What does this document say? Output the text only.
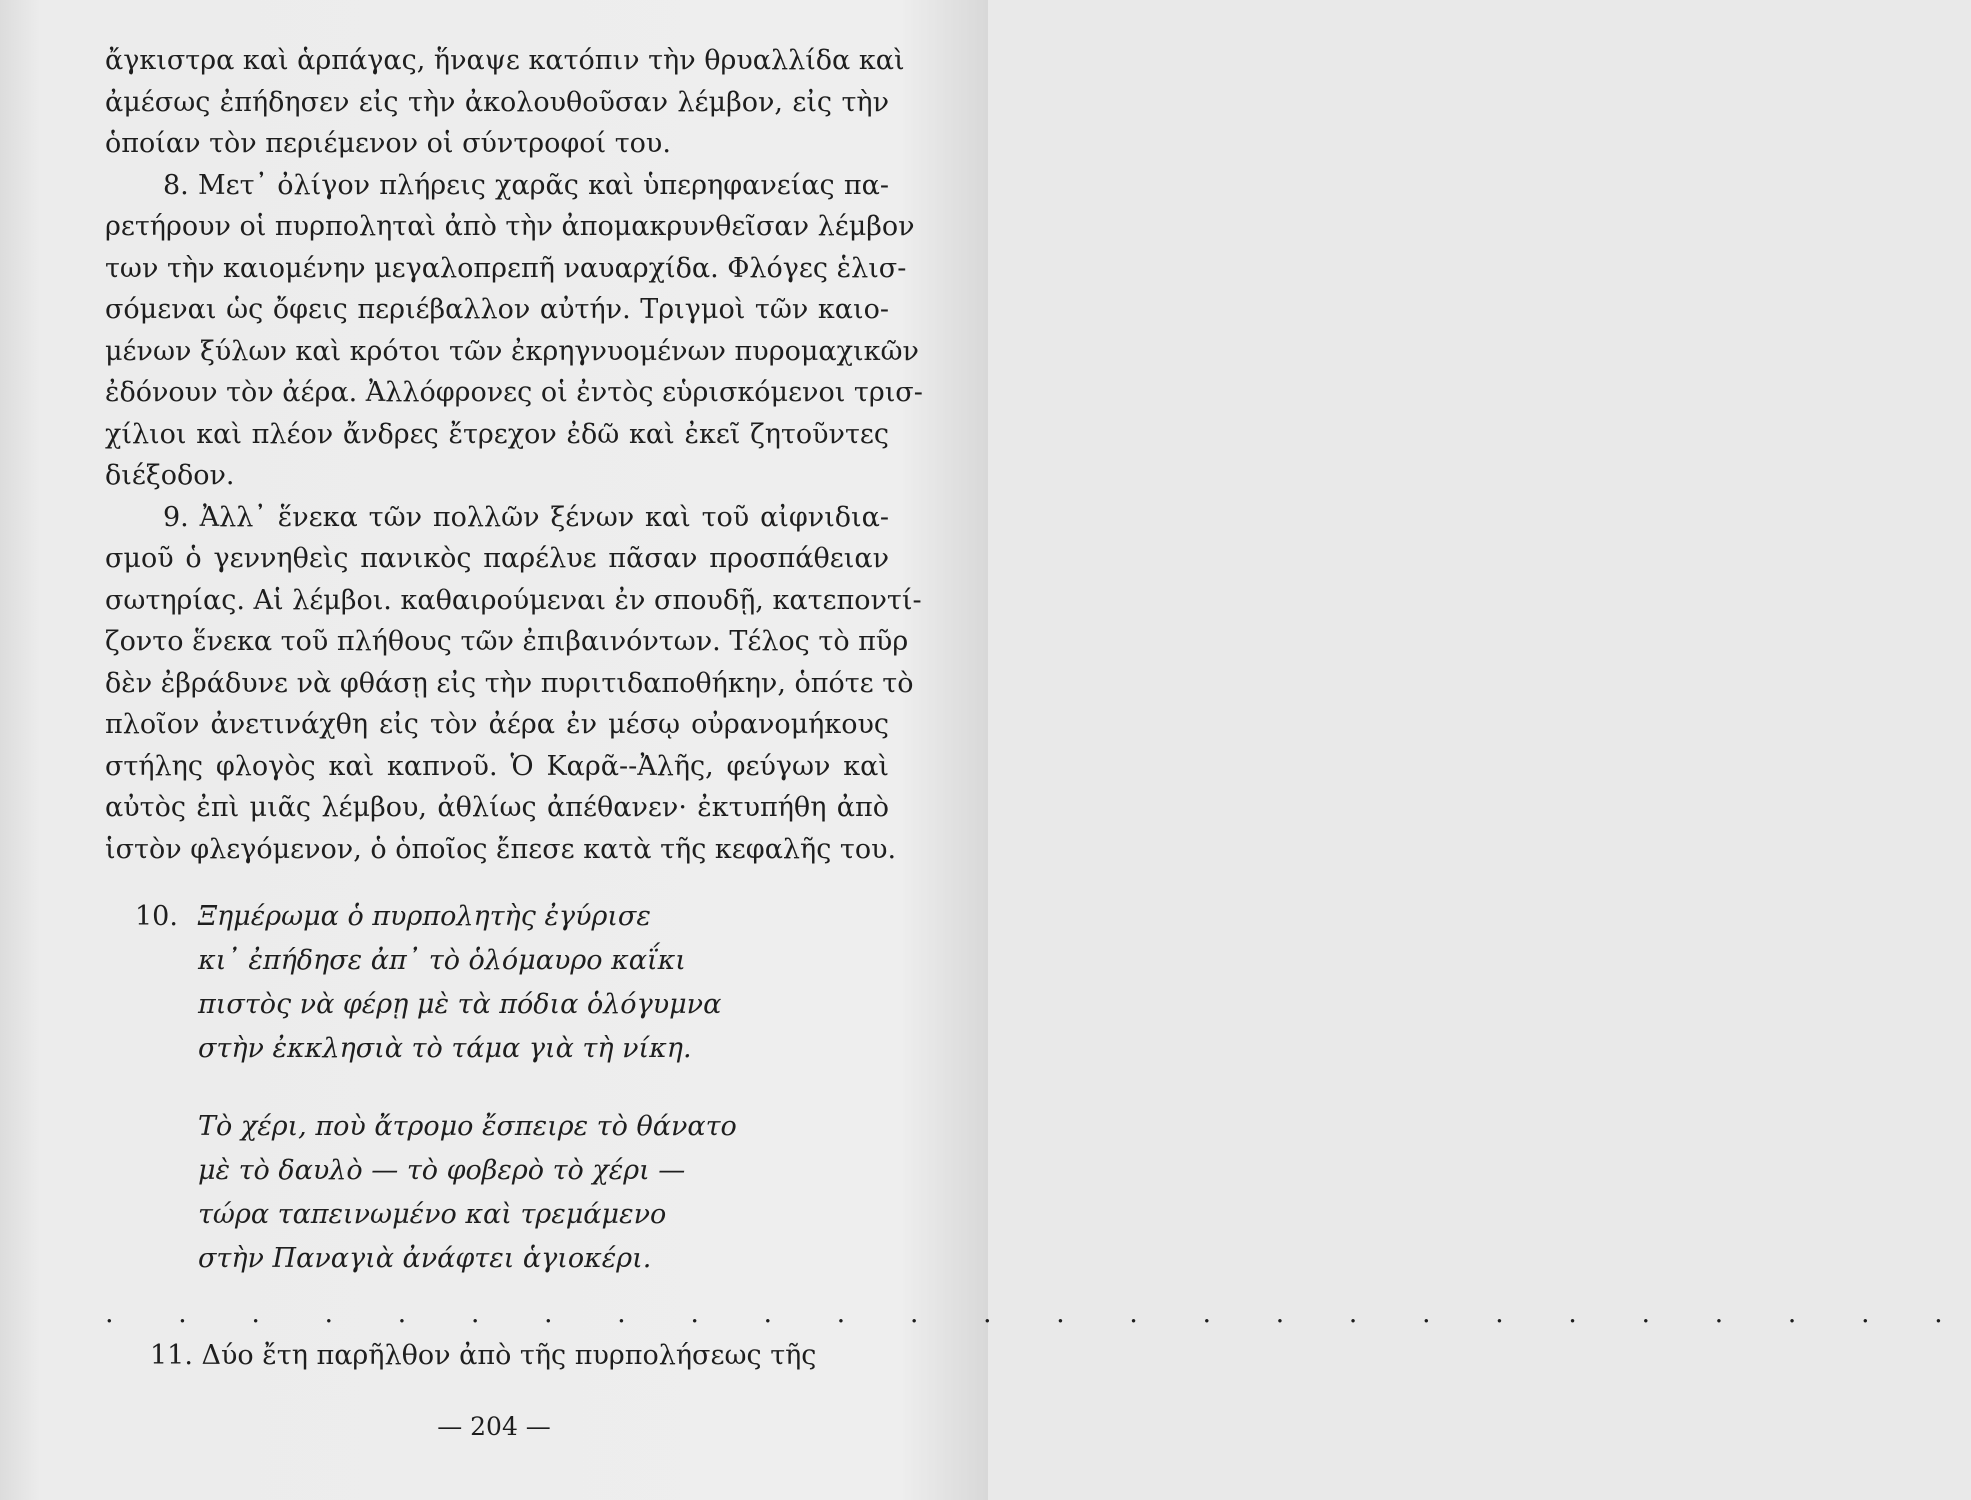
ἄγκιστρα καὶ ἁρπάγας, ἥναψε κατόπιν τὴν θρυαλλίδα καὶ
ἀμέσως ἐπήδησεν εἰς τὴν ἀκολουθοῦσαν λέμβον, εἰς τὴν
ὁποίαν τὸν περιέμενον οἱ σύντροφοί του.
8. Μετ᾽ ὀλίγον πλήρεις χαρᾶς καὶ ὑπερηφανείας πα-
ρετήρουν οἱ πυρποληταὶ ἀπὸ τὴν ἀπομακρυνθεῖσαν λέμβον
των τὴν καιομένην μεγαλοπρεπῆ ναυαρχίδα. Φλόγες ἑλισ-
σόμεναι ὡς ὄφεις περιέβαλλον αὐτήν. Τριγμοὶ τῶν καιο-
μένων ξύλων καὶ κρότοι τῶν ἐκρηγνυομένων πυρομαχικῶν
ἐδόνουν τὸν ἀέρα. Ἀλλόφρονες οἱ ἐντὸς εὑρισκόμενοι τρισ-
χίλιοι καὶ πλέον ἄνδρες ἔτρεχον ἐδῶ καὶ ἐκεῖ ζητοῦντες
διέξοδον.
9. Ἀλλ᾽ ἕνεκα τῶν πολλῶν ξένων καὶ τοῦ αἰφνιδια-
σμοῦ ὁ γεννηθεὶς πανικὸς παρέλυε πᾶσαν προσπάθειαν
σωτηρίας. Αἱ λέμβοι. καθαιρούμεναι ἐν σπουδῇ, κατεποντί-
ζοντο ἕνεκα τοῦ πλήθους τῶν ἐπιβαινόντων. Τέλος τὸ πῦρ
δὲν ἐβράδυνε νὰ φθάσῃ εἰς τὴν πυριτιδαποθήκην, ὁπότε τὸ
πλοῖον ἀνετινάχθη εἰς τὸν ἀέρα ἐν μέσῳ οὐρανομήκους
στήλης φλογὸς καὶ καπνοῦ. Ὁ Καρᾶ--Ἀλῆς, φεύγων καὶ
αὐτὸς ἐπὶ μιᾶς λέμβου, ἀθλίως ἀπέθανεν· ἐκτυπήθη ἀπὸ
ἱστὸν φλεγόμενον, ὁ ὁποῖος ἔπεσε κατὰ τῆς κεφαλῆς του.
10. Ξημέρωμα ὁ πυρπολητὴς ἐγύρισε
κι᾽ ἐπήδησε ἀπ᾽ τὸ ὁλόμαυρο καΐκι
πιστὸς νὰ φέρῃ μὲ τὰ πόδια ὁλόγυμνα
στὴν ἐκκλησιὰ τὸ τάμα γιὰ τὴ νίκη.
Τὸ χέρι, ποὺ ἄτρομο ἔσπειρε τὸ θάνατο
μὲ τὸ δαυλὸ — τὸ φοβερὸ τὸ χέρι —
τώρα ταπεινωμένο καὶ τρεμάμενο
στὴν Παναγιὰ ἀνάφτει ἁγιοκέρι.
. . . . . . . . . . . . . . . . . . . . . . . . . .
11. Δύο ἔτη παρῆλθον ἀπὸ τῆς πυρπολήσεως τῆς
— 204 —
